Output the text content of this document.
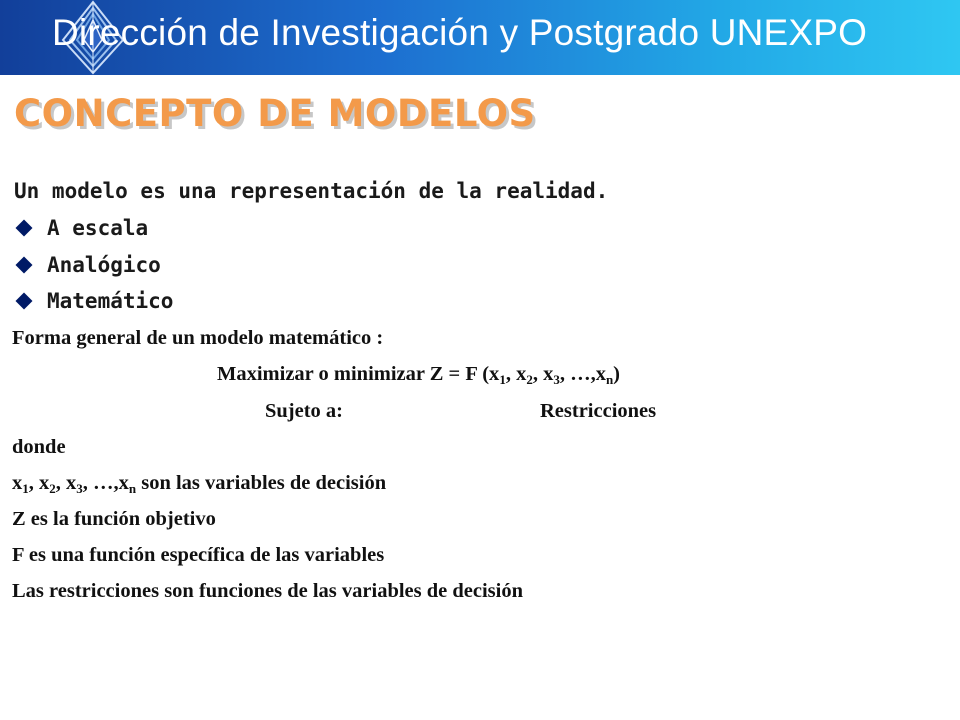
Dirección de Investigación y Postgrado UNEXPO
CONCEPTO DE MODELOS
Un modelo es una representación de la realidad.
A escala
Analógico
Matemático
Forma general de un modelo matemático :
Maximizar o minimizar Z = F ($x_1$, $x_2$, $x_3$, $\dots,x_n$)
Sujeto a:	Restricciones
donde
$x_1$, $x_2$, $x_3$, $\dots,x_n$ son las variables de decisión
Z es la función objetivo
F es una función específica de las variables
Las restricciones son funciones de las variables de decisión
